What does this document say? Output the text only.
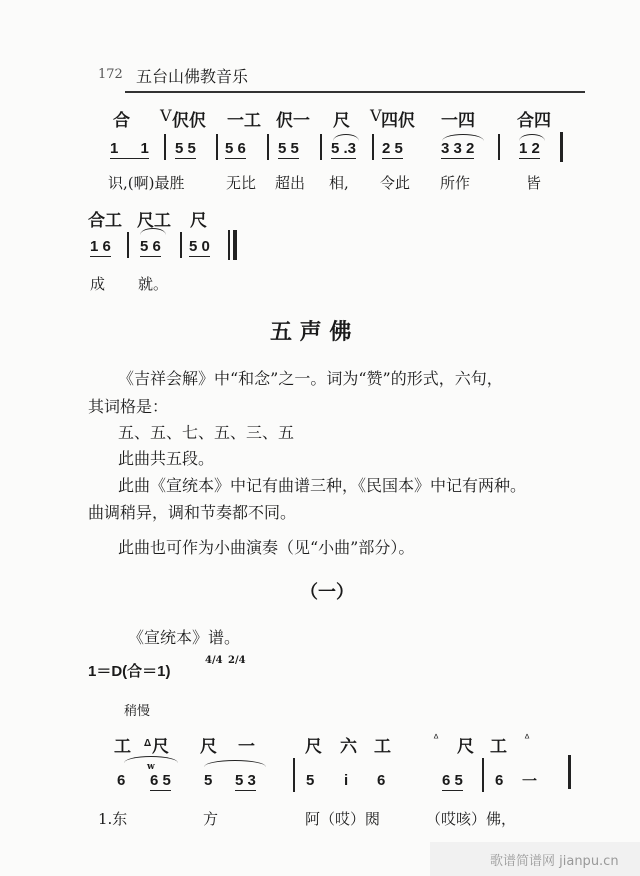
172 五台山佛教音乐
合 V 伬伬 一工 伬一 尺 V 四伬 一四 合四
1 1 5 5 5 6 5 5 5 .3 2 5	3 3 2	1 2
识,(啊)最胜	无比 超出 相, 令此 所作	皆
合工 尺工 尺
1 6 5 6 5 0
成 就。
五 声 佛
《吉祥会解》中“和念”之一。词为“赞”的形式，六句，
其词格是：
五、五、七、五、三、五
此曲共五段。
此曲《宣统本》中记有曲谱三种，《民国本》中记有两种。
曲调稍异，调和节奏都不同。
此曲也可作为小曲演奏（见“小曲”部分）。
（一）
《宣统本》谱。
1＝D(合＝1)
4/4 2/4
稍慢
工 ᐞ尺 尺 一	尺 六 工	ᐞ 尺 工 ᐞ
w
6 6 5 5 5 3	5 i 6	6 5 6 一
1.东	方	阿（哎）閦	（哎咳）佛，
歌谱简谱网 jianpu.cn
